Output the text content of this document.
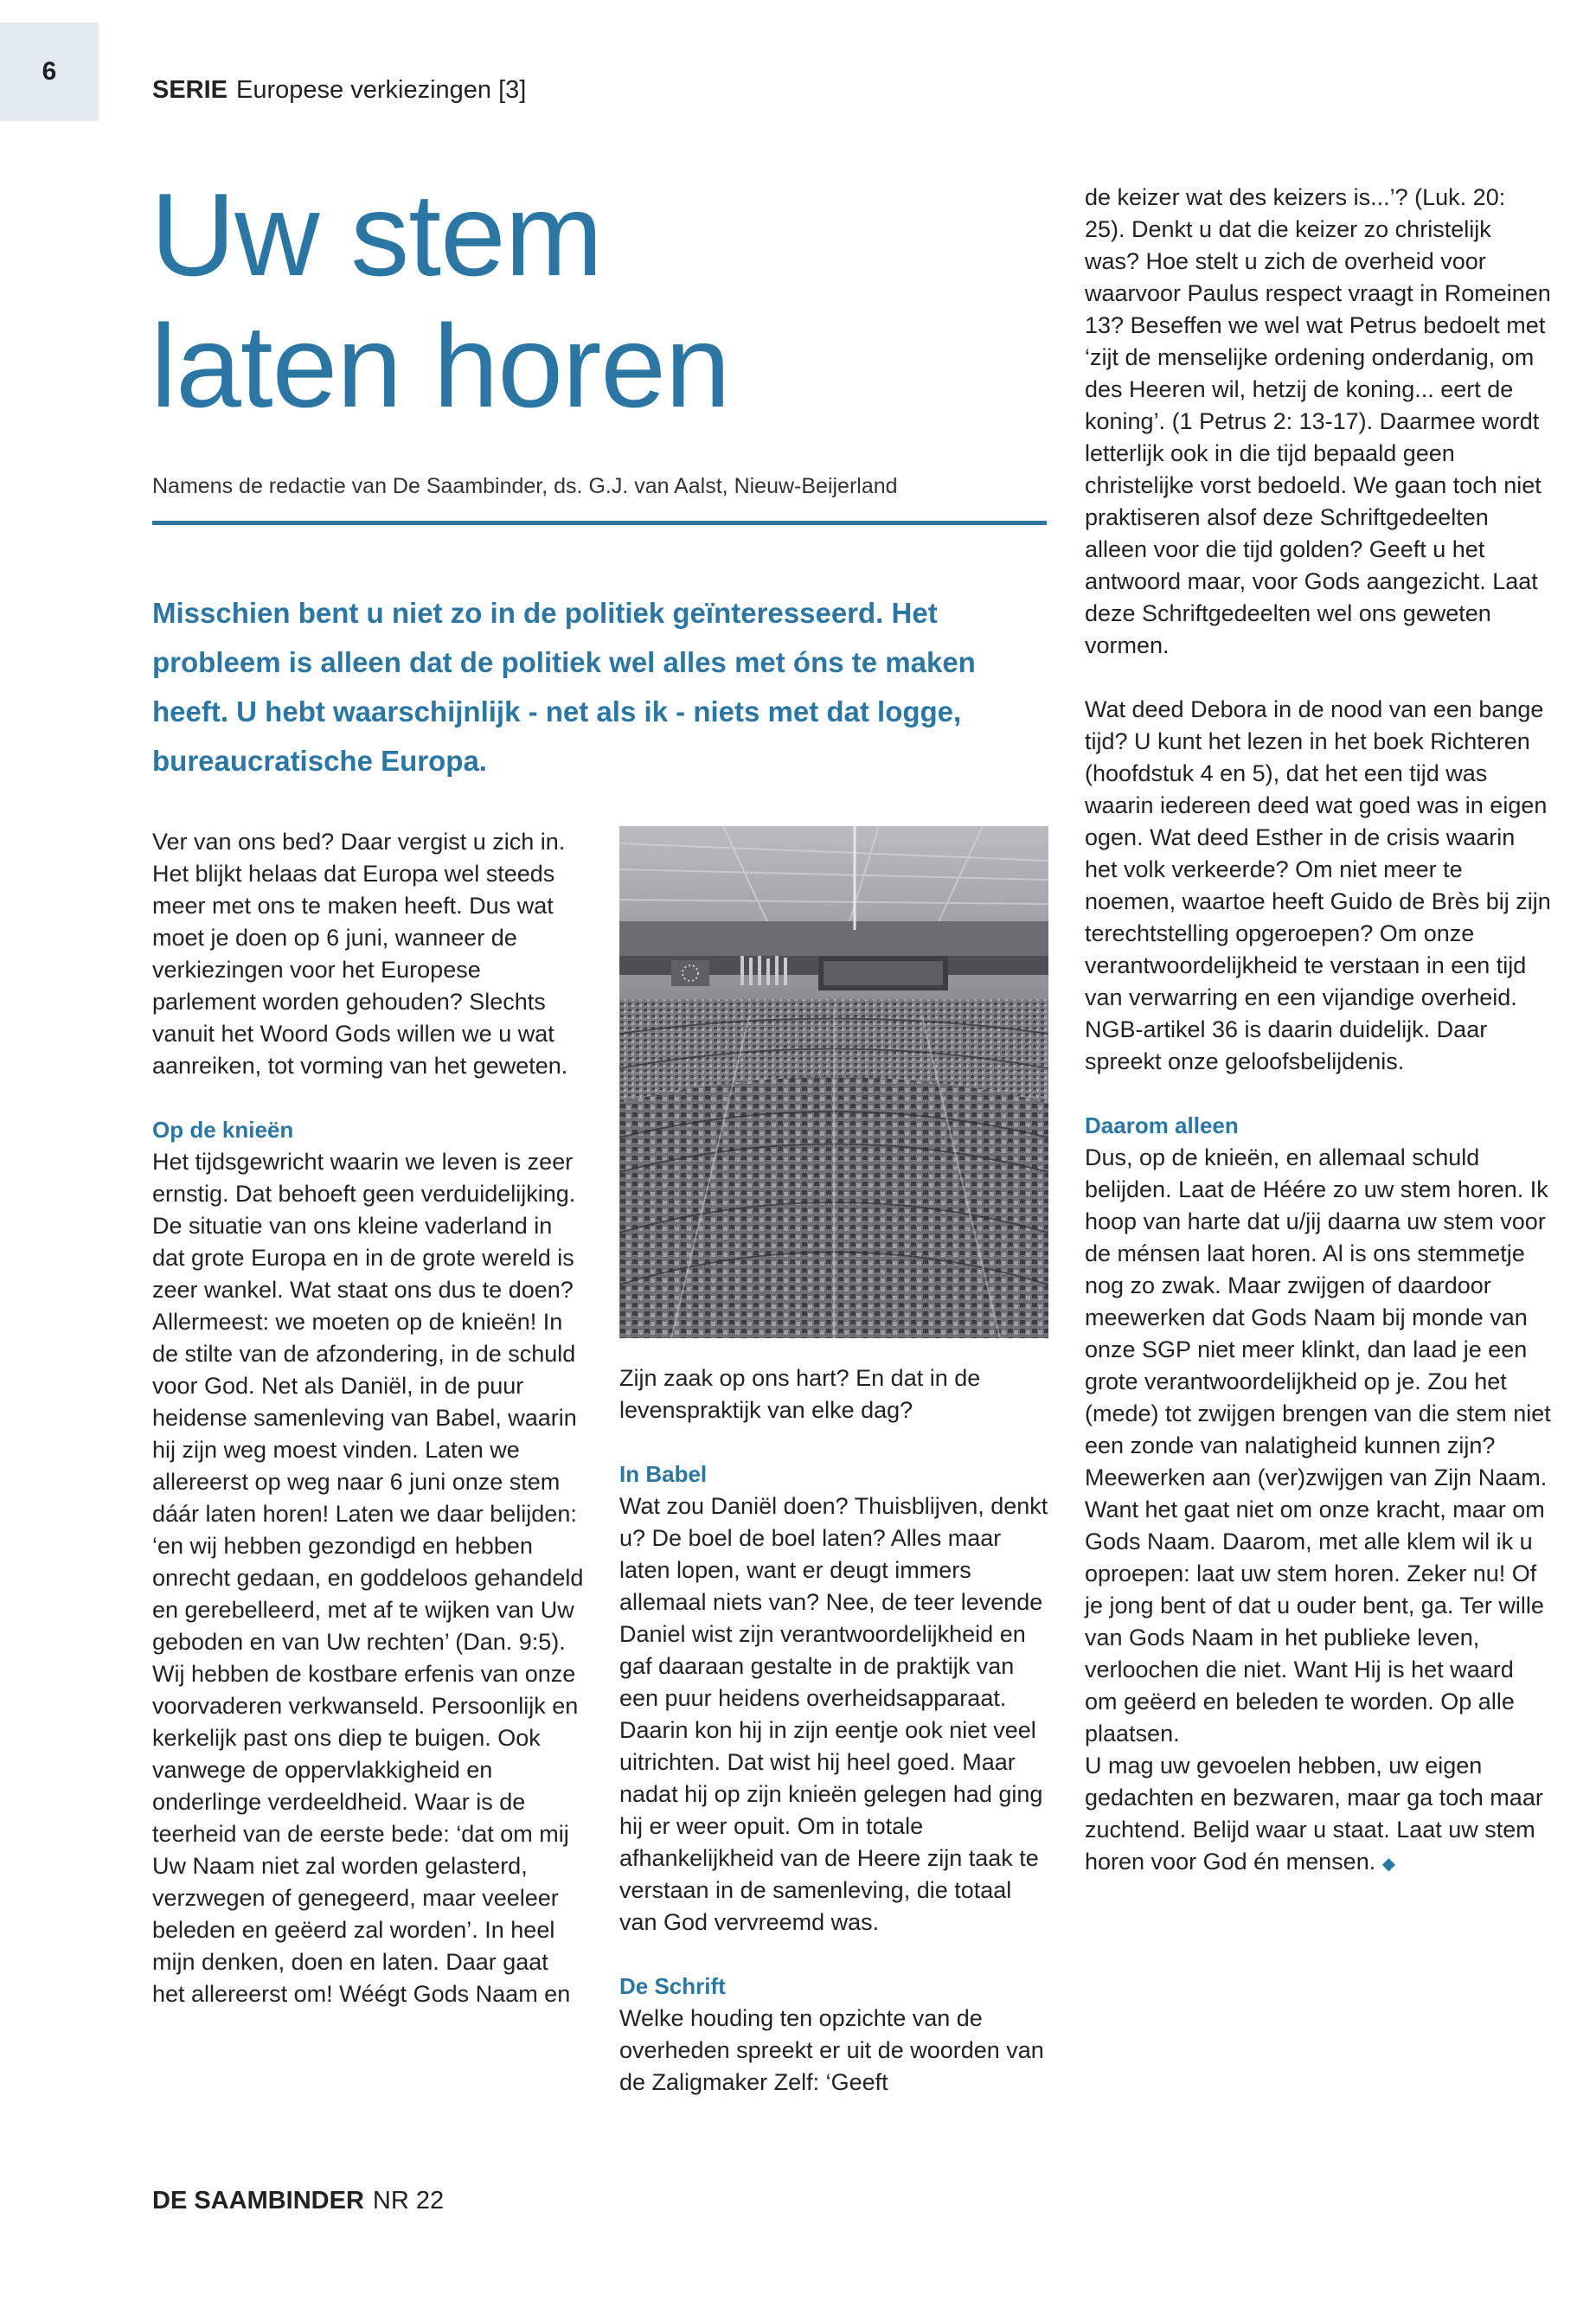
6
SERIE Europese verkiezingen [3]
Uw stem
laten horen
Namens de redactie van De Saambinder, ds. G.J. van Aalst, Nieuw-Beijerland

Misschien bent u niet zo in de politiek geïnteresseerd. Het probleem is alleen dat de politiek wel alles met óns te maken heeft. U hebt waarschijnlijk - net als ik - niets met dat logge, bureaucratische Europa.

Ver van ons bed? Daar vergist u zich in. Het blijkt helaas dat Europa wel steeds meer met ons te maken heeft. Dus wat moet je doen op 6 juni, wanneer de verkiezingen voor het Europese parlement worden gehouden? Slechts vanuit het Woord Gods willen we u wat aanreiken, tot vorming van het geweten.

Op de knieën

Het tijdsgewricht waarin we leven is zeer ernstig. Dat behoeft geen verduidelijking. De situatie van ons kleine vaderland in dat grote Europa en in de grote wereld is zeer wankel. Wat staat ons dus te doen? Allermeest: we moeten op de knieën! In de stilte van de afzondering, in de schuld voor God. Net als Daniël, in de puur heidense samenleving van Babel, waarin hij zijn weg moest vinden. Laten we allereerst op weg naar 6 juni onze stem dáár laten horen! Laten we daar belijden: ‘en wij hebben gezondigd en hebben onrecht gedaan, en goddeloos gehandeld en gerebelleerd, met af te wijken van Uw geboden en van Uw rechten’ (Dan. 9:5). Wij hebben de kostbare erfenis van onze voorvaderen verkwanseld. Persoonlijk en kerkelijk past ons diep te buigen. Ook vanwege de oppervlakkigheid en onderlinge verdeeldheid. Waar is de teerheid van de eerste bede: ‘dat om mij Uw Naam niet zal worden gelasterd, verzwegen of genegeerd, maar veeleer beleden en geëerd zal worden’. In heel mijn denken, doen en laten. Daar gaat het allereerst om! Wéégt Gods Naam en

Zijn zaak op ons hart? En dat in de levenspraktijk van elke dag?

In Babel

Wat zou Daniël doen? Thuisblijven, denkt u? De boel de boel laten? Alles maar laten lopen, want er deugt immers allemaal niets van? Nee, de teer levende Daniel wist zijn verantwoordelijkheid en gaf daaraan gestalte in de praktijk van een puur heidens overheidsapparaat. Daarin kon hij in zijn eentje ook niet veel uitrichten. Dat wist hij heel goed. Maar nadat hij op zijn knieën gelegen had ging hij er weer opuit. Om in totale afhankelijkheid van de Heere zijn taak te verstaan in de samenleving, die totaal van God vervreemd was.

De Schrift

Welke houding ten opzichte van de overheden spreekt er uit de woorden van de Zaligmaker Zelf: ‘Geeft

de keizer wat des keizers is...’? (Luk. 20: 25). Denkt u dat die keizer zo christelijk was? Hoe stelt u zich de overheid voor waarvoor Paulus respect vraagt in Romeinen 13? Beseffen we wel wat Petrus bedoelt met ‘zijt de menselijke ordening onderdanig, om des Heeren wil, hetzij de koning... eert de koning’. (1 Petrus 2: 13-17). Daarmee wordt letterlijk ook in die tijd bepaald geen christelijke vorst bedoeld. We gaan toch niet praktiseren alsof deze Schriftgedeelten alleen voor die tijd golden? Geeft u het antwoord maar, voor Gods aangezicht. Laat deze Schriftgedeelten wel ons geweten vormen.

Wat deed Debora in de nood van een bange tijd? U kunt het lezen in het boek Richteren (hoofdstuk 4 en 5), dat het een tijd was waarin iedereen deed wat goed was in eigen ogen. Wat deed Esther in de crisis waarin het volk verkeerde? Om niet meer te noemen, waartoe heeft Guido de Brès bij zijn terechtstelling opgeroepen? Om onze verantwoordelijkheid te verstaan in een tijd van verwarring en een vijandige overheid. NGB-artikel 36 is daarin duidelijk. Daar spreekt onze geloofsbelijdenis.

Daarom alleen

Dus, op de knieën, en allemaal schuld belijden. Laat de Héére zo uw stem horen. Ik hoop van harte dat u/jij daarna uw stem voor de ménsen laat horen. Al is ons stemmetje nog zo zwak. Maar zwijgen of daardoor meewerken dat Gods Naam bij monde van onze SGP niet meer klinkt, dan laad je een grote verantwoordelijkheid op je. Zou het (mede) tot zwijgen brengen van die stem niet een zonde van nalatigheid kunnen zijn? Meewerken aan (ver)zwijgen van Zijn Naam. Want het gaat niet om onze kracht, maar om Gods Naam. Daarom, met alle klem wil ik u oproepen: laat uw stem horen. Zeker nu! Of je jong bent of dat u ouder bent, ga. Ter wille van Gods Naam in het publieke leven, verloochen die niet. Want Hij is het waard om geëerd en beleden te worden. Op alle plaatsen.

U mag uw gevoelen hebben, uw eigen gedachten en bezwaren, maar ga toch maar zuchtend. Belijd waar u staat. Laat uw stem horen voor God én mensen. ◆

DE SAAMBINDER NR 22
